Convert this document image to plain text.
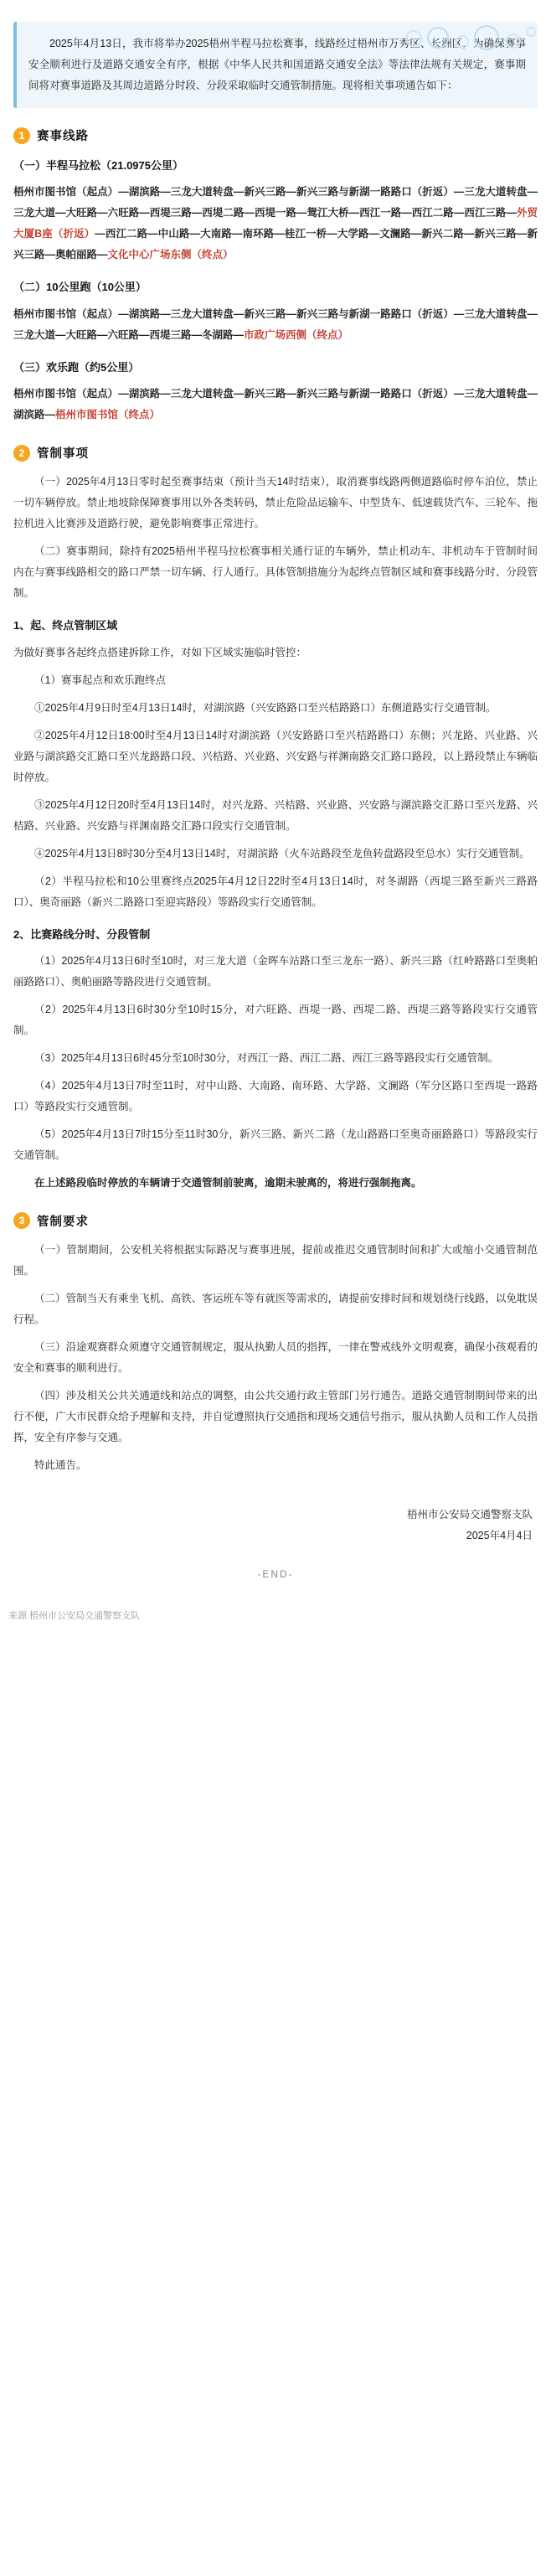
2025年4月13日，我市将举办2025梧州半程马拉松赛事，线路经过梧州市万秀区、长洲区，为确保赛事安全顺利进行及道路交通安全有序，根据《中华人民共和国道路交通安全法》等法律法规有关规定，赛事期间将对赛事道路及其周边道路分时段、分段采取临时交通管制措施。现将相关事项通告如下：
1	赛事线路
（一）半程马拉松（21.0975公里）

梧州市图书馆（起点）—湖滨路—三龙大道转盘—新兴三路—新兴三路与新湖一路路口（折返）—三龙大道转盘—三龙大道—大旺路—六旺路—西堤三路—西堤二路—西堤一路—鸳江大桥—西江一路—西江二路—西江三路—外贸大厦B座（折返）—西江二路—中山路—大南路—南环路—桂江一桥—大学路—文澜路—新兴二路—新兴三路—新兴三路—奥帕丽路—文化中心广场东侧（终点）

（二）10公里跑（10公里）

梧州市图书馆（起点）—湖滨路—三龙大道转盘—新兴三路—新兴三路与新湖一路路口（折返）—三龙大道转盘—三龙大道—大旺路—六旺路—西堤三路—冬湖路—市政广场西侧（终点）

（三）欢乐跑（约5公里）

梧州市图书馆（起点）—湖滨路—三龙大道转盘—新兴三路—新兴三路与新湖一路路口（折返）—三龙大道转盘—湖滨路—梧州市图书馆（终点）

2	管制事项

（一）2025年4月13日零时起至赛事结束（预计当天14时结束），取消赛事线路两侧道路临时停车泊位，禁止一切车辆停放。禁止地坡除保障赛事用以外各类转码，禁止危险品运输车、中型货车、低速载货汽车、三轮车、拖拉机进入比赛涉及道路行驶，避免影响赛事正常进行。

（二）赛事期间，除持有2025梧州半程马拉松赛事相关通行证的车辆外，禁止机动车、非机动车于管制时间内在与赛事线路相交的路口严禁一切车辆、行人通行。具体管制措施分为起终点管制区域和赛事线路分时、分段管制。

1、起、终点管制区域

为做好赛事各起终点搭建拆除工作，对如下区域实施临时管控：

（1）赛事起点和欢乐跑终点

①2025年4月9日时至4月13日14时，对湖滨路（兴安路路口至兴桔路路口）东侧道路实行交通管制。

②2025年4月12日18:00时至4月13日14时对湖滨路（兴安路路口至兴桔路路口）东侧；兴龙路、兴业路、兴业路与湖滨路交汇路口至兴龙路路口段、兴桔路、兴业路、兴安路与祥渊南路交汇路口路段，以上路段禁止车辆临时停放。

③2025年4月12日20时至4月13日14时，对兴龙路、兴桔路、兴业路、兴安路与湖滨路交汇路口至兴龙路、兴桔路、兴业路、兴安路与祥渊南路交汇路口段实行交通管制。

④2025年4月13日8时30分至4月13日14时，对湖滨路（火车站路段至龙鱼转盘路段至总水）实行交通管制。

（2）半程马拉松和10公里赛终点2025年4月12日22时至4月13日14时，对冬湖路（西堤三路至新兴三路路口）、奥奇丽路（新兴二路路口至迎宾路段）等路段实行交通管制。

2、比赛路线分时、分段管制

（1）2025年4月13日6时至10时，对三龙大道（金晖车站路口至三龙东一路）、新兴三路（红岭路路口至奥帕丽路路口）、奥帕丽路等路段进行交通管制。

（2）2025年4月13日6时30分至10时15分，对六旺路、西堤一路、西堤二路、西堤三路等路段实行交通管制。

（3）2025年4月13日6时45分至10时30分，对西江一路、西江二路、西江三路等路段实行交通管制。

（4）2025年4月13日7时至11时，对中山路、大南路、南环路、大学路、文澜路（军分区路口至西堤一路路口）等路段实行交通管制。

（5）2025年4月13日7时15分至11时30分，新兴三路、新兴二路（龙山路路口至奥奇丽路路口）等路段实行交通管制。

在上述路段临时停放的车辆请于交通管制前驶离，逾期未驶离的，将进行强制拖离。

3	管制要求

（一）管制期间，公安机关将根据实际路况与赛事进展，提前或推迟交通管制时间和扩大或缩小交通管制范围。

（二）管制当天有乘坐飞机、高铁、客运班车等有就医等需求的，请提前安排时间和规划绕行线路，以免耽误行程。

（三）沿途观赛群众须遵守交通管制规定，服从执勤人员的指挥，一律在警戒线外文明观赛，确保小孩观看的安全和赛事的顺利进行。

（四）涉及相关公共关通道线和站点的调整，由公共交通行政主管部门另行通告。道路交通管制期间带来的出行不便，广大市民群众给予理解和支持，并自觉遵照执行交通指和现场交通信号指示，服从执勤人员和工作人员指挥，安全有序参与交通。

特此通告。

梧州市公安局交通警察支队
2025年4月4日
-END-
来源 梧州市公安局交通警察支队
